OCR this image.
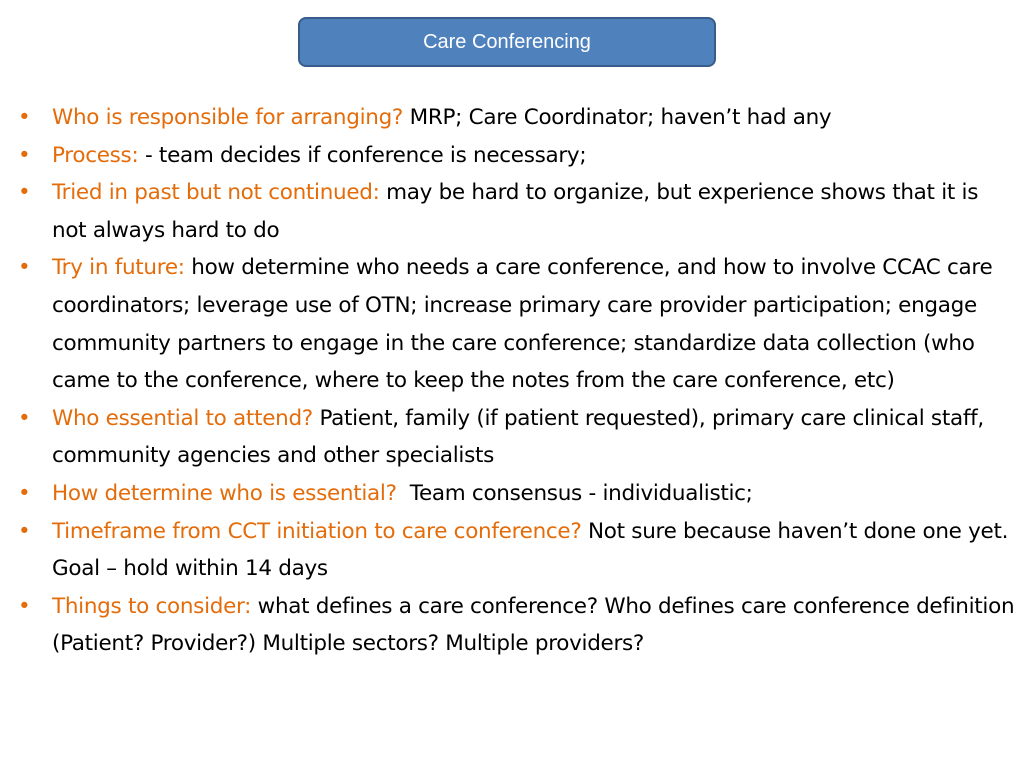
Care Conferencing
•	Who is responsible for arranging? MRP; Care Coordinator; haven’t had any
•	Process: - team decides if conference is necessary;
•	Tried in past but not continued: may be hard to organize, but experience shows that it is not always hard to do
•	Try in future: how determine who needs a care conference, and how to involve CCAC care coordinators; leverage use of OTN; increase primary care provider participation; engage community partners to engage in the care conference; standardize data collection (who came to the conference, where to keep the notes from the care conference, etc)
•	Who essential to attend? Patient, family (if patient requested), primary care clinical staff, community agencies and other specialists
•	How determine who is essential?  Team consensus - individualistic;
•	Timeframe from CCT initiation to care conference? Not sure because haven’t done one yet. Goal – hold within 14 days
•	Things to consider: what defines a care conference? Who defines care conference definition (Patient? Provider?) Multiple sectors? Multiple providers?
